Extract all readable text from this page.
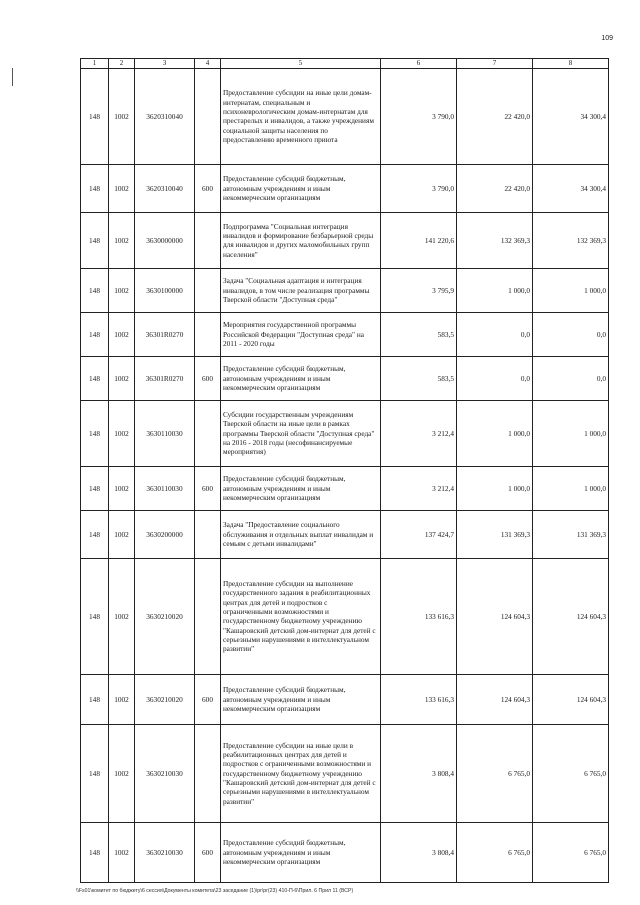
109
1	2	3	4	5	6	7	8
148	1002	3620310040		Предоставление субсидии на иные цели домам-интернатам, специальным и психоневрологическим домам-интернатам для престарелых и инвалидов, а также учреждениям социальной защиты населения по предоставлению временного приюта	3 790,0	22 420,0	34 300,4
148	1002	3620310040	600	Предоставление субсидий бюджетным, автономным учреждениям и иным некоммерческим организациям	3 790,0	22 420,0	34 300,4
148	1002	3630000000		Подпрограмма "Социальная интеграция инвалидов и формирование безбарьерной среды для инвалидов и других маломобильных групп населения"	141 220,6	132 369,3	132 369,3
148	1002	3630100000		Задача "Социальная адаптация и интеграция инвалидов, в том числе реализация программы Тверской области "Доступная среда"	3 795,9	1 000,0	1 000,0
148	1002	36301R0270		Мероприятия государственной программы Российской Федерации "Доступная среда" на 2011 - 2020 годы	583,5	0,0	0,0
148	1002	36301R0270	600	Предоставление субсидий бюджетным, автономным учреждениям и иным некоммерческим организациям	583,5	0,0	0,0
148	1002	3630110030		Субсидии государственным учреждениям Тверской области на иные цели в рамках программы Тверской области "Доступная среда" на 2016 - 2018 годы (несофинансируемые мероприятия)	3 212,4	1 000,0	1 000,0
148	1002	3630110030	600	Предоставление субсидий бюджетным, автономным учреждениям и иным некоммерческим организациям	3 212,4	1 000,0	1 000,0
148	1002	3630200000		Задача "Предоставление социального обслуживания и отдельных выплат инвалидам и семьям с детьми инвалидами"	137 424,7	131 369,3	131 369,3
148	1002	3630210020		Предоставление субсидии на выполнение государственного задания в реабилитационных центрах для детей и подростков с ограниченными возможностями и государственному бюджетному учреждению "Кашаровский детский дом-интернат для детей с серьезными нарушениями в интеллектуальном развитии"	133 616,3	124 604,3	124 604,3
148	1002	3630210020	600	Предоставление субсидий бюджетным, автономным учреждениям и иным некоммерческим организациям	133 616,3	124 604,3	124 604,3
148	1002	3630210030		Предоставление субсидии на иные цели в реабилитационных центрах для детей и подростков с ограниченными возможностями и государственному бюджетному учреждению "Кашаровский детский дом-интернат для детей с серьезными нарушениями в интеллектуальном развитии"	3 808,4	6 765,0	6 765,0
148	1002	3630210030	600	Предоставление субсидий бюджетным, автономным учреждениям и иным некоммерческим организациям	3 808,4	6 765,0	6 765,0
\\Fs01\комитет по бюджету\6 сессия\Документы комитета\23 заседание (1)\pr\pr(23) 410-П-6\Прил. 6 Прил 11 (ВСР)
